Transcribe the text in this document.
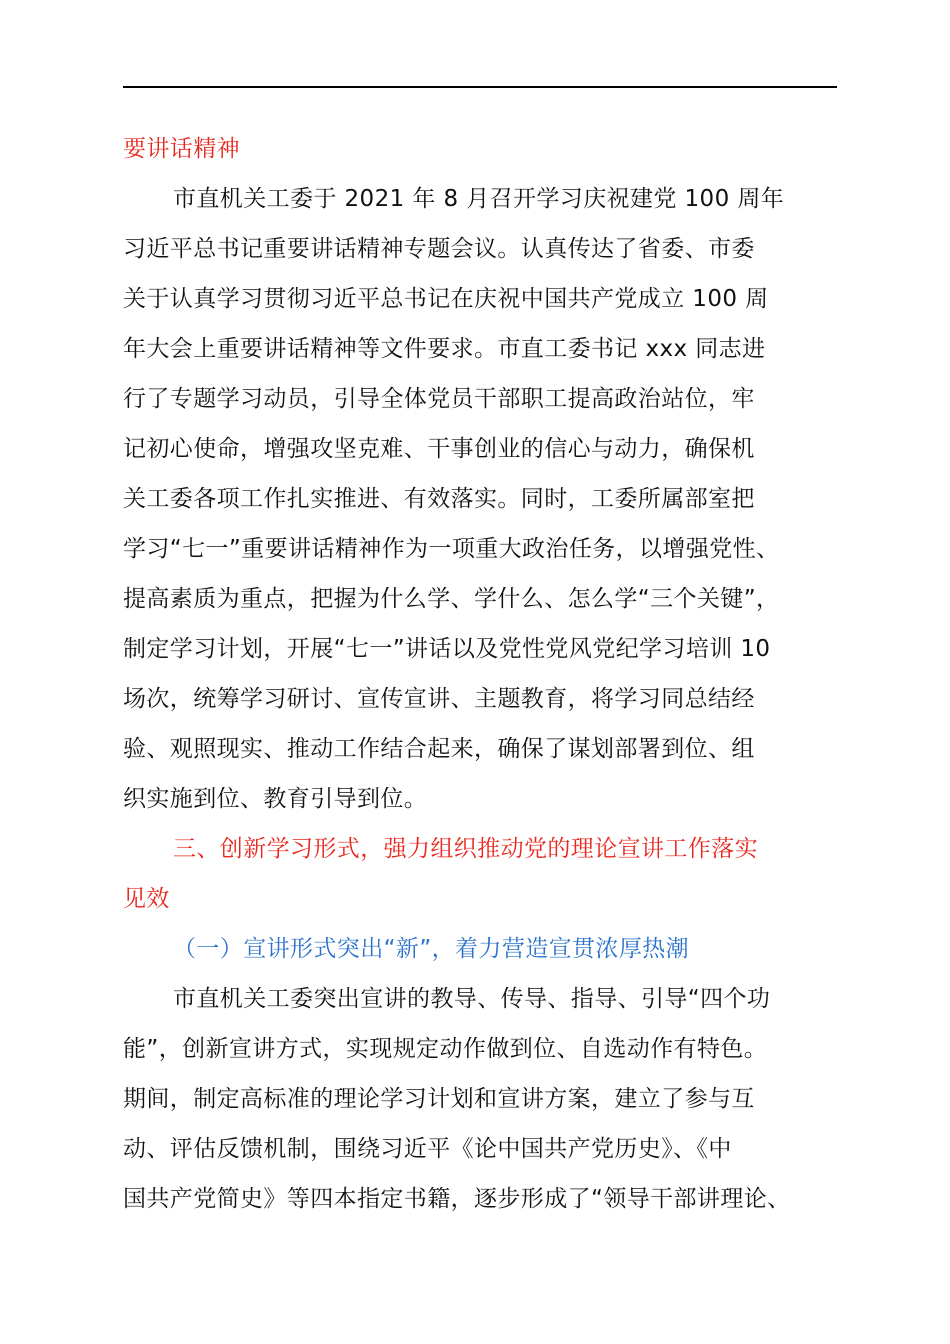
要讲话精神

市直机关工委于 2021 年 8 月召开学习庆祝建党 100 周年

习近平总书记重要讲话精神专题会议。认真传达了省委、市委

关于认真学习贯彻习近平总书记在庆祝中国共产党成立 100 周

年大会上重要讲话精神等文件要求。市直工委书记 xxx 同志进

行了专题学习动员，引导全体党员干部职工提高政治站位，牢

记初心使命，增强攻坚克难、干事创业的信心与动力，确保机

关工委各项工作扎实推进、有效落实。同时，工委所属部室把

学习“七一”重要讲话精神作为一项重大政治任务，以增强党性、

提高素质为重点，把握为什么学、学什么、怎么学“三个关键”，

制定学习计划，开展“七一”讲话以及党性党风党纪学习培训 10

场次，统筹学习研讨、宣传宣讲、主题教育，将学习同总结经

验、观照现实、推动工作结合起来，确保了谋划部署到位、组

织实施到位、教育引导到位。

三、创新学习形式，强力组织推动党的理论宣讲工作落实

见效

（一）宣讲形式突出“新”，着力营造宣贯浓厚热潮

市直机关工委突出宣讲的教导、传导、指导、引导“四个功

能”，创新宣讲方式，实现规定动作做到位、自选动作有特色。

期间，制定高标准的理论学习计划和宣讲方案，建立了参与互

动、评估反馈机制，围绕习近平《论中国共产党历史》、《中

国共产党简史》等四本指定书籍，逐步形成了“领导干部讲理论、
